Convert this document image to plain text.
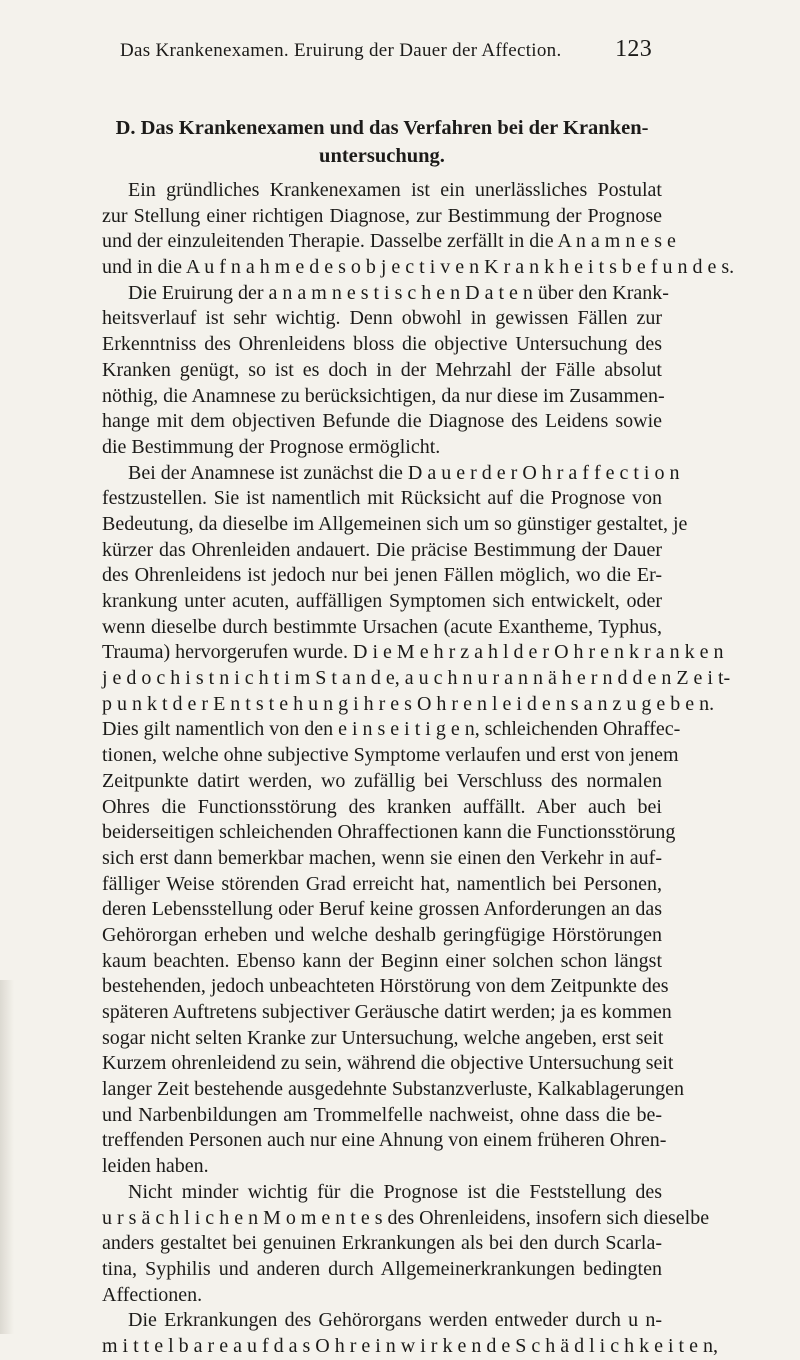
Das Krankenexamen. Eruirung der Dauer der Affection. 123
D. Das Krankenexamen und das Verfahren bei der Kranken-
untersuchung.
Ein gründliches Krankenexamen ist ein unerlässliches Postulat
zur Stellung einer richtigen Diagnose, zur Bestimmung der Prognose
und der einzuleitenden Therapie. Dasselbe zerfällt in die A n a m n e s e
und in die A u f n a h m e d e s o b j e c t i v e n K r a n k h e i t s b e f u n d e s.
Die Eruirung der a n a m n e s t i s c h e n D a t e n über den Krank-
heitsverlauf ist sehr wichtig. Denn obwohl in gewissen Fällen zur
Erkenntniss des Ohrenleidens bloss die objective Untersuchung des
Kranken genügt, so ist es doch in der Mehrzahl der Fälle absolut
nöthig, die Anamnese zu berücksichtigen, da nur diese im Zusammen-
hange mit dem objectiven Befunde die Diagnose des Leidens sowie
die Bestimmung der Prognose ermöglicht.
Bei der Anamnese ist zunächst die D a u e r d e r O h r a f f e c t i o n
festzustellen. Sie ist namentlich mit Rücksicht auf die Prognose von
Bedeutung, da dieselbe im Allgemeinen sich um so günstiger gestaltet, je
kürzer das Ohrenleiden andauert. Die präcise Bestimmung der Dauer
des Ohrenleidens ist jedoch nur bei jenen Fällen möglich, wo die Er-
krankung unter acuten, auffälligen Symptomen sich entwickelt, oder
wenn dieselbe durch bestimmte Ursachen (acute Exantheme, Typhus,
Trauma) hervorgerufen wurde. D i e M e h r z a h l d e r O h r e n k r a n k e n
j e d o c h i s t n i c h t i m S t a n d e, a u c h n u r a n n ä h e r n d d e n Z e i t-
p u n k t d e r E n t s t e h u n g i h r e s O h r e n l e i d e n s a n z u g e b e n.
Dies gilt namentlich von den e i n s e i t i g e n, schleichenden Ohraffec-
tionen, welche ohne subjective Symptome verlaufen und erst von jenem
Zeitpunkte datirt werden, wo zufällig bei Verschluss des normalen
Ohres die Functionsstörung des kranken auffällt. Aber auch bei
beiderseitigen schleichenden Ohraffectionen kann die Functionsstörung
sich erst dann bemerkbar machen, wenn sie einen den Verkehr in auf-
fälliger Weise störenden Grad erreicht hat, namentlich bei Personen,
deren Lebensstellung oder Beruf keine grossen Anforderungen an das
Gehörorgan erheben und welche deshalb geringfügige Hörstörungen
kaum beachten. Ebenso kann der Beginn einer solchen schon längst
bestehenden, jedoch unbeachteten Hörstörung von dem Zeitpunkte des
späteren Auftretens subjectiver Geräusche datirt werden; ja es kommen
sogar nicht selten Kranke zur Untersuchung, welche angeben, erst seit
Kurzem ohrenleidend zu sein, während die objective Untersuchung seit
langer Zeit bestehende ausgedehnte Substanzverluste, Kalkablagerungen
und Narbenbildungen am Trommelfelle nachweist, ohne dass die be-
treffenden Personen auch nur eine Ahnung von einem früheren Ohren-
leiden haben.
Nicht minder wichtig für die Prognose ist die Feststellung des
u r s ä c h l i c h e n M o m e n t e s des Ohrenleidens, insofern sich dieselbe
anders gestaltet bei genuinen Erkrankungen als bei den durch Scarla-
tina, Syphilis und anderen durch Allgemeinerkrankungen bedingten
Affectionen.
Die Erkrankungen des Gehörorgans werden entweder durch u n-
m i t t e l b a r e a u f d a s O h r e i n w i r k e n d e S c h ä d l i c h k e i t e n,
